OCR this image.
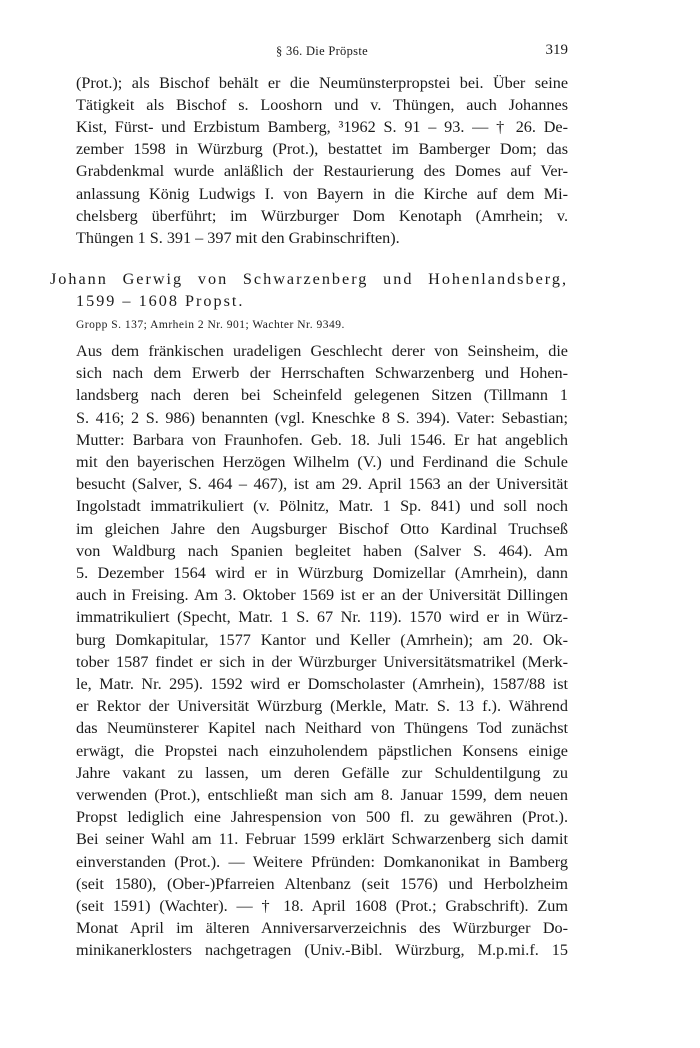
§ 36. Die Pröpste	319
(Prot.); als Bischof behält er die Neumünsterpropstei bei. Über seine
Tätigkeit als Bischof s. Looshorn und v. Thüngen, auch Johannes
Kist, Fürst- und Erzbistum Bamberg, ³1962 S. 91 – 93. — † 26. De-
zember 1598 in Würzburg (Prot.), bestattet im Bamberger Dom; das
Grabdenkmal wurde anläßlich der Restaurierung des Domes auf Ver-
anlassung König Ludwigs I. von Bayern in die Kirche auf dem Mi-
chelsberg überführt; im Würzburger Dom Kenotaph (Amrhein; v.
Thüngen 1 S. 391 – 397 mit den Grabinschriften).
Johann Gerwig von Schwarzenberg und Hohenlandsberg,
1599 – 1608 Propst.
Gropp S. 137; Amrhein 2 Nr. 901; Wachter Nr. 9349.
Aus dem fränkischen uradeligen Geschlecht derer von Seinsheim, die
sich nach dem Erwerb der Herrschaften Schwarzenberg und Hohen-
landsberg nach deren bei Scheinfeld gelegenen Sitzen (Tillmann 1
S. 416; 2 S. 986) benannten (vgl. Kneschke 8 S. 394). Vater: Sebastian;
Mutter: Barbara von Fraunhofen. Geb. 18. Juli 1546. Er hat angeblich
mit den bayerischen Herzögen Wilhelm (V.) und Ferdinand die Schule
besucht (Salver, S. 464 – 467), ist am 29. April 1563 an der Universität
Ingolstadt immatrikuliert (v. Pölnitz, Matr. 1 Sp. 841) und soll noch
im gleichen Jahre den Augsburger Bischof Otto Kardinal Truchseß
von Waldburg nach Spanien begleitet haben (Salver S. 464). Am
5. Dezember 1564 wird er in Würzburg Domizellar (Amrhein), dann
auch in Freising. Am 3. Oktober 1569 ist er an der Universität Dillingen
immatrikuliert (Specht, Matr. 1 S. 67 Nr. 119). 1570 wird er in Würz-
burg Domkapitular, 1577 Kantor und Keller (Amrhein); am 20. Ok-
tober 1587 findet er sich in der Würzburger Universitätsmatrikel (Merk-
le, Matr. Nr. 295). 1592 wird er Domscholaster (Amrhein), 1587/88 ist
er Rektor der Universität Würzburg (Merkle, Matr. S. 13 f.). Während
das Neumünsterer Kapitel nach Neithard von Thüngens Tod zunächst
erwägt, die Propstei nach einzuholendem päpstlichen Konsens einige
Jahre vakant zu lassen, um deren Gefälle zur Schuldentilgung zu
verwenden (Prot.), entschließt man sich am 8. Januar 1599, dem neuen
Propst lediglich eine Jahrespension von 500 fl. zu gewähren (Prot.).
Bei seiner Wahl am 11. Februar 1599 erklärt Schwarzenberg sich damit
einverstanden (Prot.). — Weitere Pfründen: Domkanonikat in Bamberg
(seit 1580), (Ober-)Pfarreien Altenbanz (seit 1576) und Herbolzheim
(seit 1591) (Wachter). — † 18. April 1608 (Prot.; Grabschrift). Zum
Monat April im älteren Anniversarverzeichnis des Würzburger Do-
minikanerklosters nachgetragen (Univ.-Bibl. Würzburg, M.p.mi.f. 15
